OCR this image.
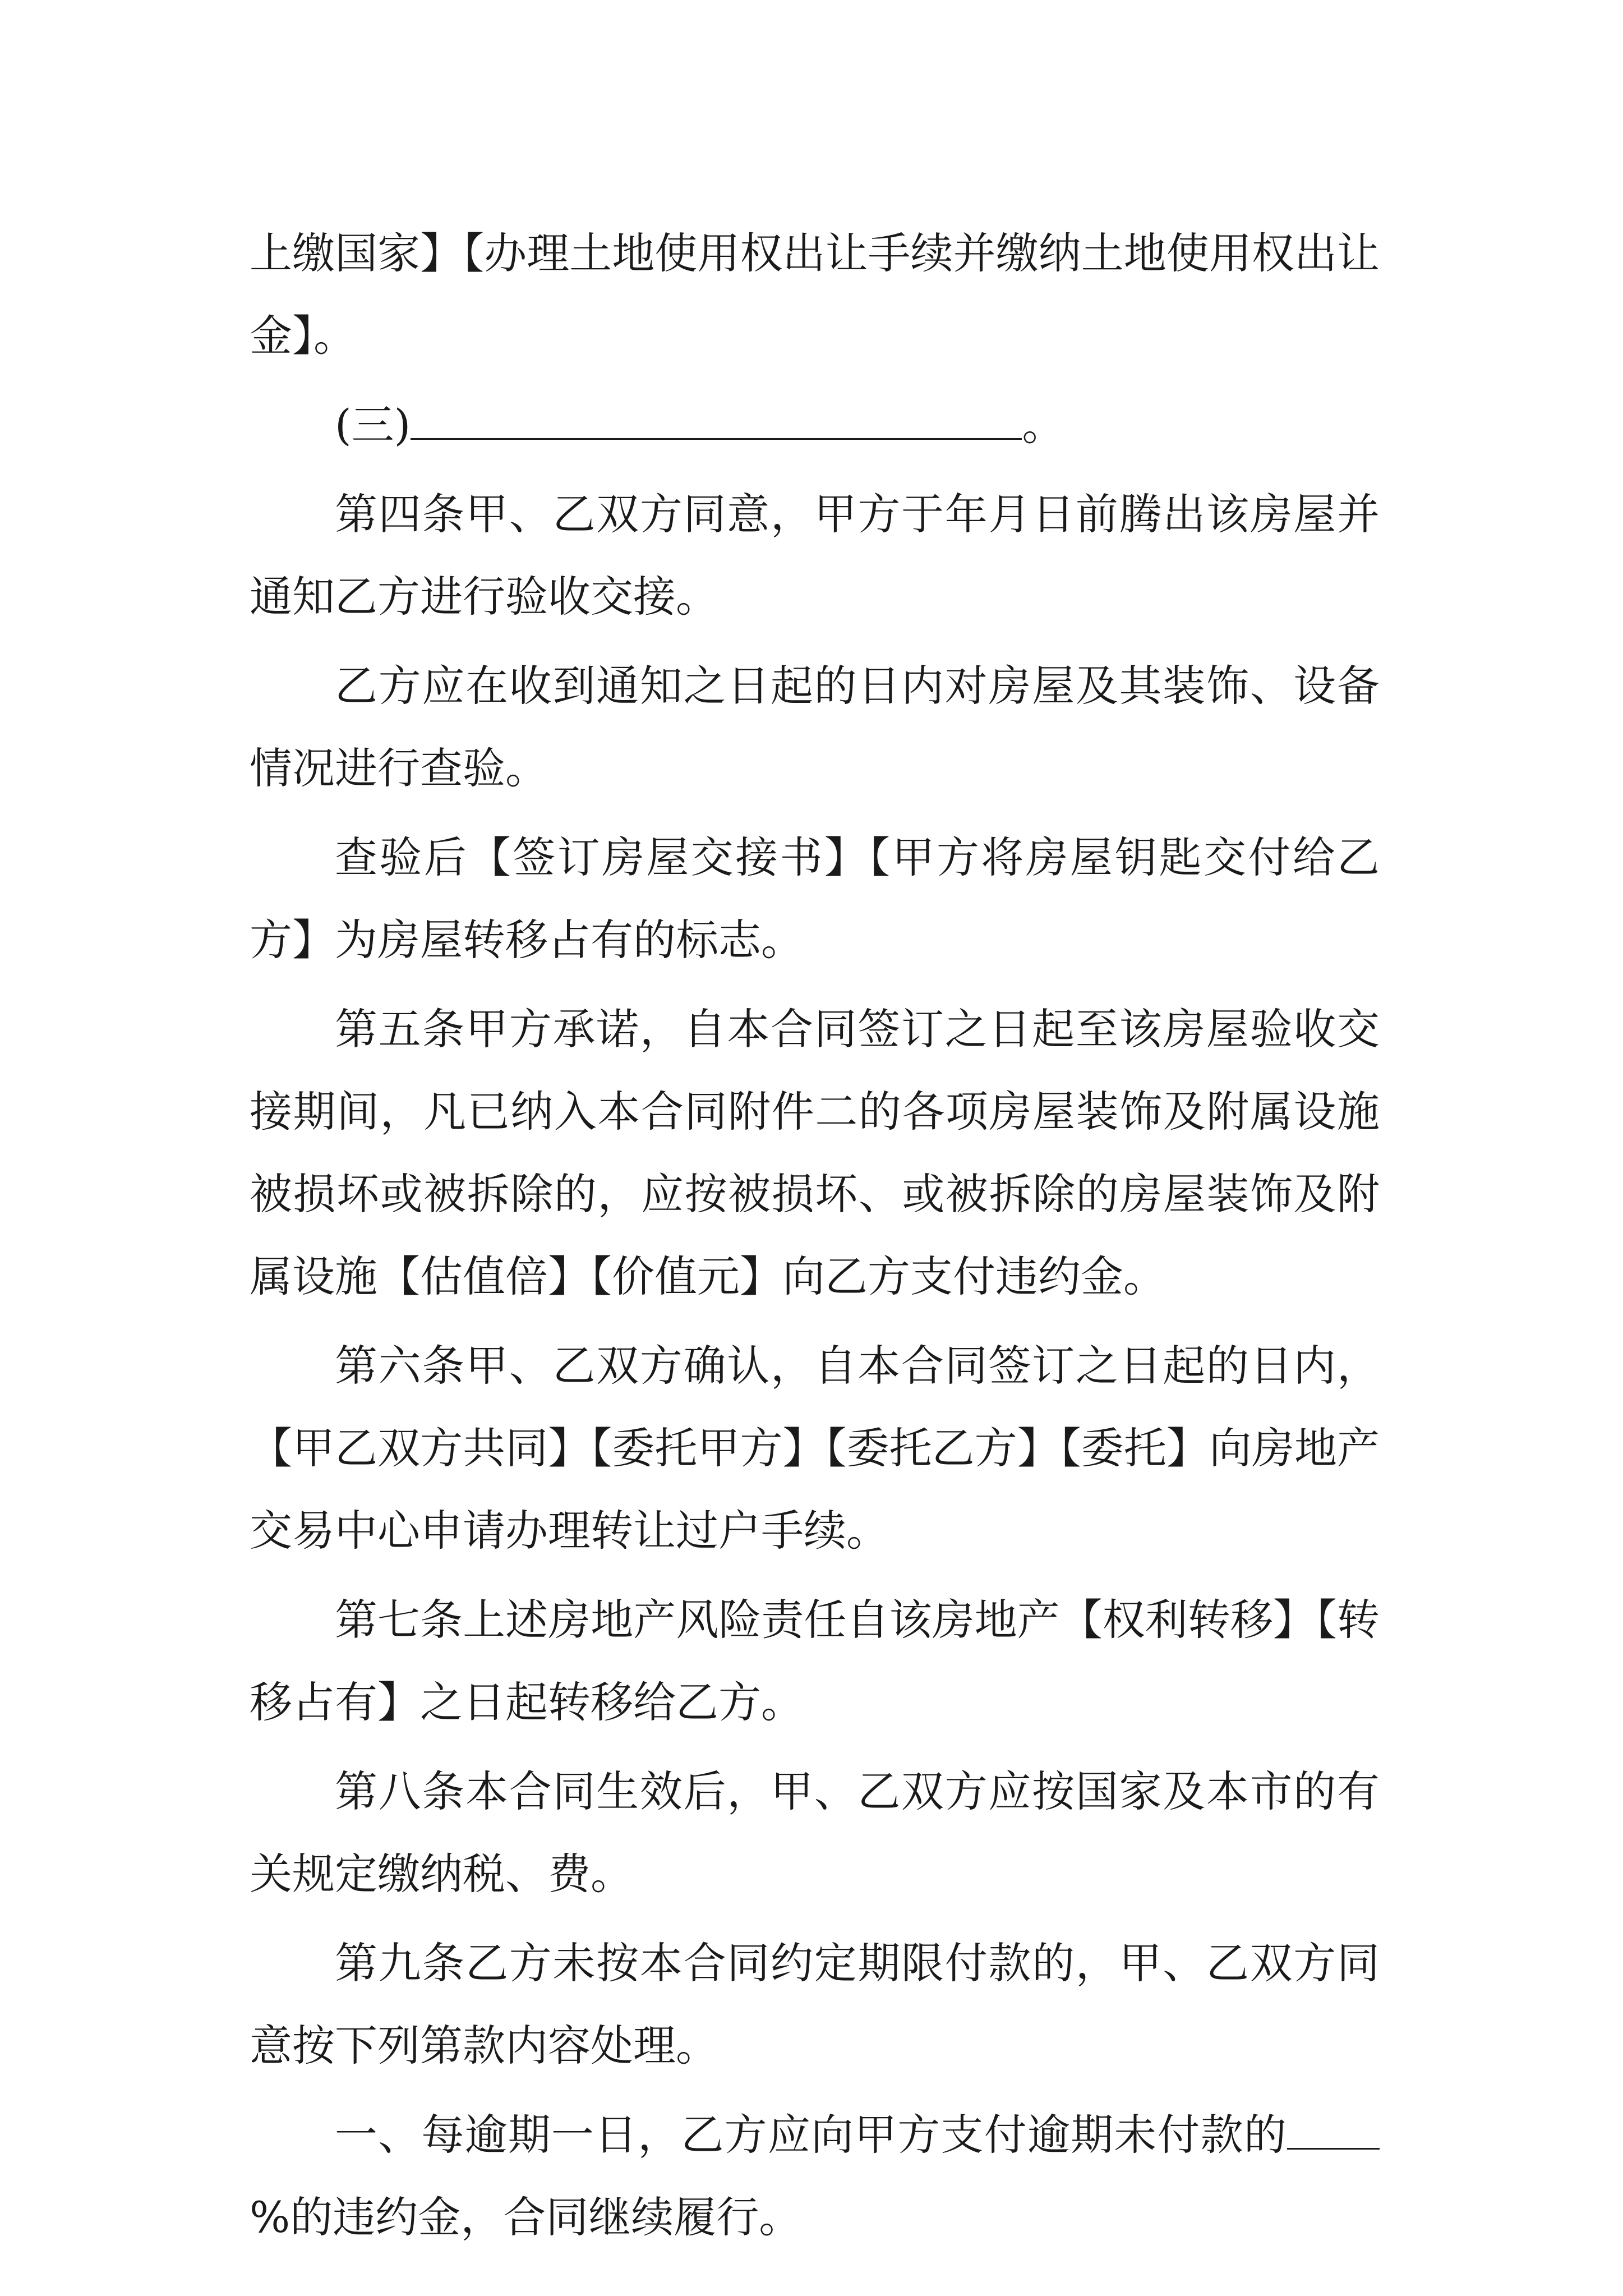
上缴国家】【办理土地使用权出让手续并缴纳土地使用权出让金】。

(三)	。

第四条甲、乙双方同意，甲方于年月日前腾出该房屋并通知乙方进行验收交接。

乙方应在收到通知之日起的日内对房屋及其装饰、设备情况进行查验。

查验后【签订房屋交接书】【甲方将房屋钥匙交付给乙方】为房屋转移占有的标志。

第五条甲方承诺，自本合同签订之日起至该房屋验收交接期间，凡已纳入本合同附件二的各项房屋装饰及附属设施被损坏或被拆除的，应按被损坏、或被拆除的房屋装饰及附属设施【估值倍】【价值元】向乙方支付违约金。

第六条甲、乙双方确认，自本合同签订之日起的日内，【甲乙双方共同】【委托甲方】【委托乙方】【委托】向房地产交易中心申请办理转让过户手续。

第七条上述房地产风险责任自该房地产【权利转移】【转移占有】之日起转移给乙方。

第八条本合同生效后，甲、乙双方应按国家及本市的有关规定缴纳税、费。

第九条乙方未按本合同约定期限付款的，甲、乙双方同意按下列第款内容处理。

一、每逾期一日，乙方应向甲方支付逾期未付款的%的违约金，合同继续履行。
